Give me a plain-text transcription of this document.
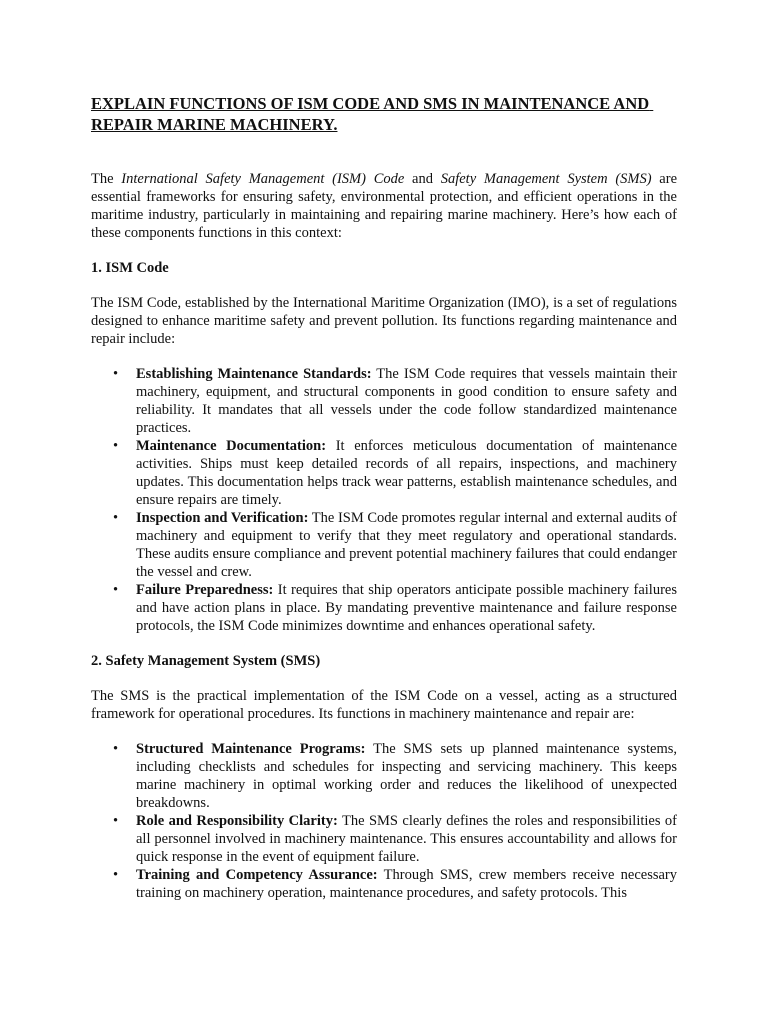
EXPLAIN FUNCTIONS OF ISM CODE AND SMS IN MAINTENANCE AND REPAIR MARINE MACHINERY.

The International Safety Management (ISM) Code and Safety Management System (SMS) are essential frameworks for ensuring safety, environmental protection, and efficient operations in the maritime industry, particularly in maintaining and repairing marine machinery. Here’s how each of these components functions in this context:

1. ISM Code

The ISM Code, established by the International Maritime Organization (IMO), is a set of regulations designed to enhance maritime safety and prevent pollution. Its functions regarding maintenance and repair include:

• Establishing Maintenance Standards: The ISM Code requires that vessels maintain their machinery, equipment, and structural components in good condition to ensure safety and reliability. It mandates that all vessels under the code follow standardized maintenance practices.

• Maintenance Documentation: It enforces meticulous documentation of maintenance activities. Ships must keep detailed records of all repairs, inspections, and machinery updates. This documentation helps track wear patterns, establish maintenance schedules, and ensure repairs are timely.

• Inspection and Verification: The ISM Code promotes regular internal and external audits of machinery and equipment to verify that they meet regulatory and operational standards. These audits ensure compliance and prevent potential machinery failures that could endanger the vessel and crew.

• Failure Preparedness: It requires that ship operators anticipate possible machinery failures and have action plans in place. By mandating preventive maintenance and failure response protocols, the ISM Code minimizes downtime and enhances operational safety.

2. Safety Management System (SMS)

The SMS is the practical implementation of the ISM Code on a vessel, acting as a structured framework for operational procedures. Its functions in machinery maintenance and repair are:

• Structured Maintenance Programs: The SMS sets up planned maintenance systems, including checklists and schedules for inspecting and servicing machinery. This keeps marine machinery in optimal working order and reduces the likelihood of unexpected breakdowns.

• Role and Responsibility Clarity: The SMS clearly defines the roles and responsibilities of all personnel involved in machinery maintenance. This ensures accountability and allows for quick response in the event of equipment failure.

• Training and Competency Assurance: Through SMS, crew members receive necessary training on machinery operation, maintenance procedures, and safety protocols. This
